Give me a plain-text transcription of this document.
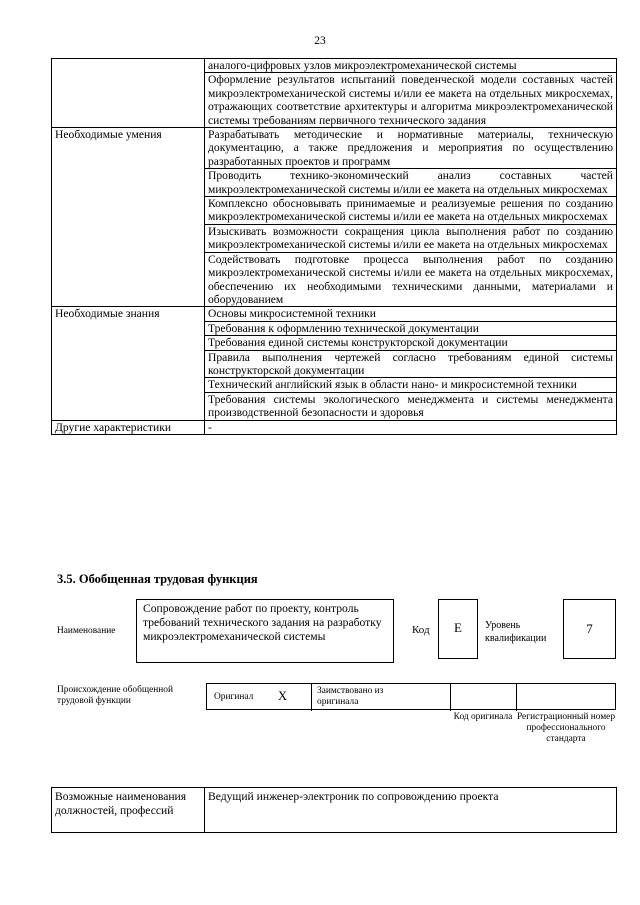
23
	аналого-цифровых узлов микроэлектромеханической системы
	Оформление результатов испытаний поведенческой модели составных частей микроэлектромеханической системы и/или ее макета на отдельных микросхемах, отражающих соответствие архитектуры и алгоритма микроэлектромеханической системы требованиям первичного технического задания
Необходимые умения	Разрабатывать методические и нормативные материалы, техническую документацию, а также предложения и мероприятия по осуществлению разработанных проектов и программ
	Проводить технико-экономический анализ составных частей микроэлектромеханической системы и/или ее макета на отдельных микросхемах
	Комплексно обосновывать принимаемые и реализуемые решения по созданию микроэлектромеханической системы и/или ее макета на отдельных микросхемах
	Изыскивать возможности сокращения цикла выполнения работ по созданию микроэлектромеханической системы и/или ее макета на отдельных микросхемах
	Содействовать подготовке процесса выполнения работ по созданию микроэлектромеханической системы и/или ее макета на отдельных микросхемах, обеспечению их необходимыми техническими данными, материалами и оборудованием
Необходимые знания	Основы микросистемной техники
	Требования к оформлению технической документации
	Требования единой системы конструкторской документации
	Правила выполнения чертежей согласно требованиям единой системы конструкторской документации
	Технический английский язык в области нано- и микросистемной техники
	Требования системы экологического менеджмента и системы менеджмента производственной безопасности и здоровья
Другие характеристики	-
3.5. Обобщенная трудовая функция
Наименование
Сопровождение работ по проекту, контроль требований технического задания на разработку микроэлектромеханической системы
Код	E	Уровень квалификации
7
Происхождение обобщенной трудовой функции	Оригинал X	Заимствовано из оригинала
Код оригинала Регистрационный номер профессионального стандарта
Возможные наименования должностей, профессий	Ведущий инженер-электроник по сопровождению проекта
